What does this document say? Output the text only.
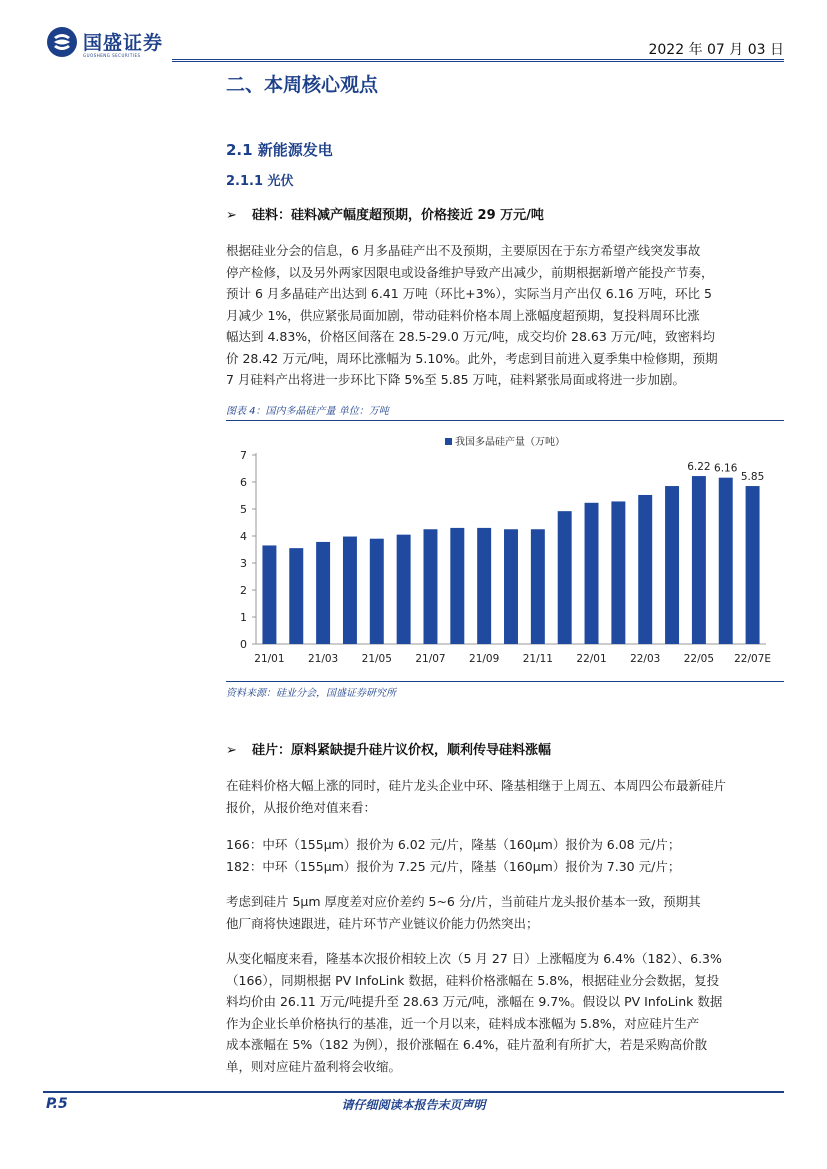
国盛证券
GUOSHENG SECURITIES	2022 年 07 月 03 日
二、本周核心观点
2.1 新能源发电
2.1.1 光伏
➢ 硅料：硅料减产幅度超预期，价格接近 29 万元/吨
根据硅业分会的信息，6 月多晶硅产出不及预期，主要原因在于东方希望产线突发事故
停产检修，以及另外两家因限电或设备维护导致产出减少，前期根据新增产能投产节奏，
预计 6 月多晶硅产出达到 6.41 万吨（环比+3%），实际当月产出仅 6.16 万吨，环比 5
月减少 1%，供应紧张局面加剧，带动硅料价格本周上涨幅度超预期，复投料周环比涨
幅达到 4.83%，价格区间落在 28.5-29.0 万元/吨，成交均价 28.63 万元/吨，致密料均
价 28.42 万元/吨，周环比涨幅为 5.10%。此外，考虑到目前进入夏季集中检修期，预期
7 月硅料产出将进一步环比下降 5%至 5.85 万吨，硅料紧张局面或将进一步加剧。
图表 4：国内多晶硅产量 单位：万吨
我国多晶硅产量（万吨）
0
1
2
3
4
5
6
7
6.22 6.16
5.85
21/01 21/03 21/05 21/07 21/09 21/11 22/01 22/03 22/05 22/07E
资料来源：硅业分会，国盛证券研究所
➢ 硅片：原料紧缺提升硅片议价权，顺利传导硅料涨幅
在硅料价格大幅上涨的同时，硅片龙头企业中环、隆基相继于上周五、本周四公布最新硅片
报价，从报价绝对值来看：
166：中环（155μm）报价为 6.02 元/片，隆基（160μm）报价为 6.08 元/片；
182：中环（155μm）报价为 7.25 元/片，隆基（160μm）报价为 7.30 元/片；
考虑到硅片 5μm 厚度差对应价差约 5~6 分/片，当前硅片龙头报价基本一致，预期其
他厂商将快速跟进，硅片环节产业链议价能力仍然突出；
从变化幅度来看，隆基本次报价相较上次（5 月 27 日）上涨幅度为 6.4%（182）、6.3%
（166），同期根据 PV InfoLink 数据，硅料价格涨幅在 5.8%，根据硅业分会数据，复投
料均价由 26.11 万元/吨提升至 28.63 万元/吨，涨幅在 9.7%。假设以 PV InfoLink 数据
作为企业长单价格执行的基准，近一个月以来，硅料成本涨幅为 5.8%，对应硅片生产
成本涨幅在 5%（182 为例），报价涨幅在 6.4%，硅片盈利有所扩大，若是采购高价散
单，则对应硅片盈利将会收缩。
P.5	请仔细阅读本报告末页声明
